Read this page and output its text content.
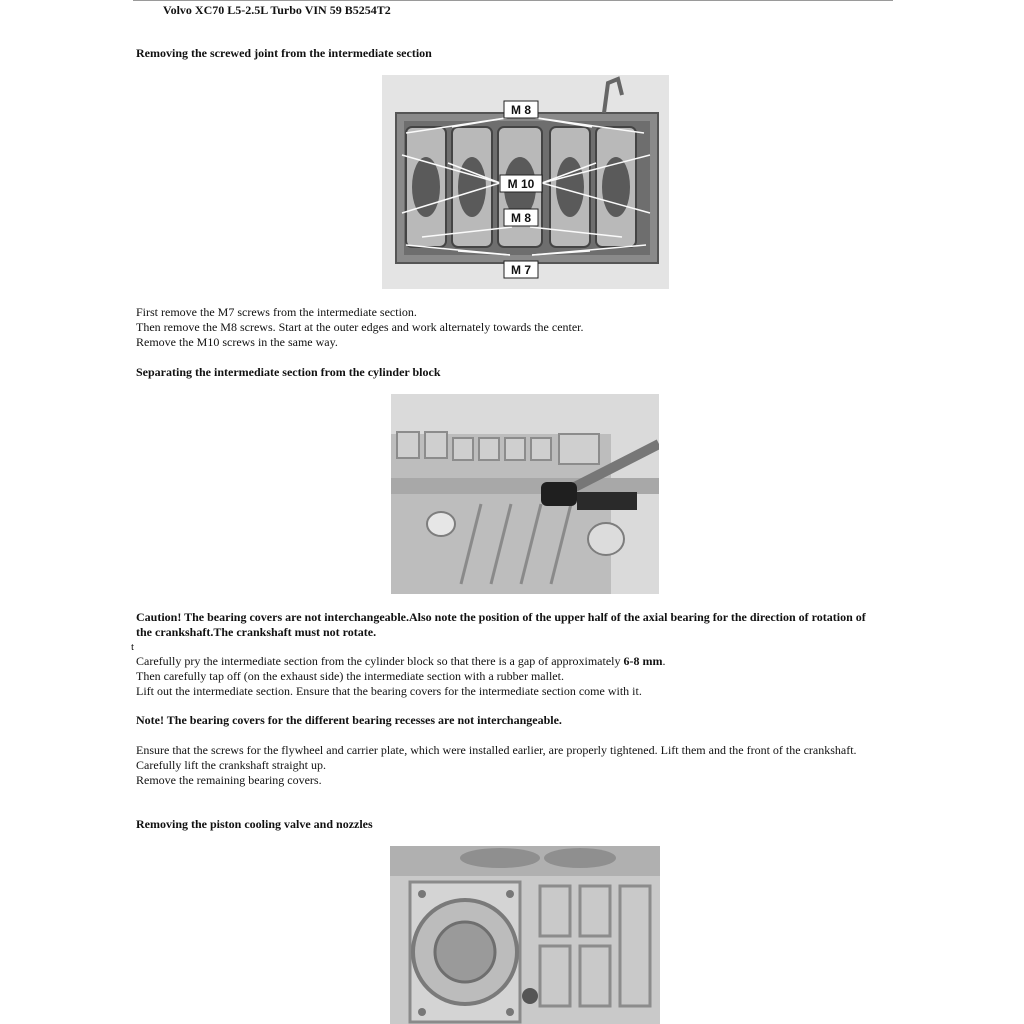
Volvo XC70 L5-2.5L Turbo VIN 59 B5254T2
Removing the screwed joint from the intermediate section
M 8
M 10
M 8
M 7
First remove the M7 screws from the intermediate section.
Then remove the M8 screws. Start at the outer edges and work alternately towards the center.
Remove the M10 screws in the same way.
Separating the intermediate section from the cylinder block
Caution! The bearing covers are not interchangeable.Also note the position of the upper half of the axial bearing for the direction of rotation of the crankshaft.The crankshaft must not rotate.
t
Carefully pry the intermediate section from the cylinder block so that there is a gap of approximately 6-8 mm.
Then carefully tap off (on the exhaust side) the intermediate section with a rubber mallet.
Lift out the intermediate section. Ensure that the bearing covers for the intermediate section come with it.
Note! The bearing covers for the different bearing recesses are not interchangeable.
Ensure that the screws for the flywheel and carrier plate, which were installed earlier, are properly tightened. Lift them and the front of the crankshaft.
Carefully lift the crankshaft straight up.
Remove the remaining bearing covers.
Removing the piston cooling valve and nozzles
